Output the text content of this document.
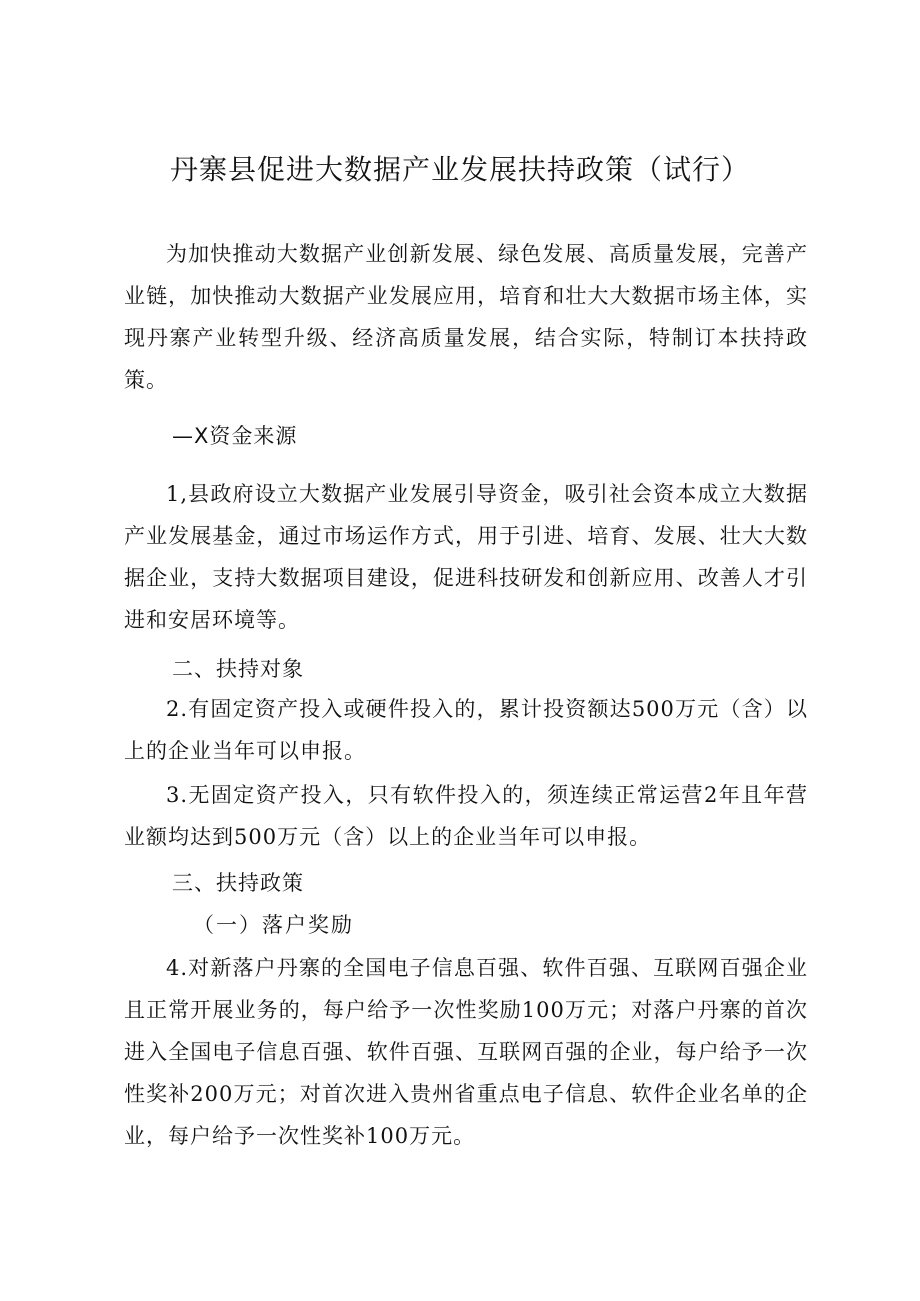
丹寨县促进大数据产业发展扶持政策（试行）

为加快推动大数据产业创新发展、绿色发展、高质量发展，完善产业链，加快推动大数据产业发展应用，培育和壮大大数据市场主体，实现丹寨产业转型升级、经济高质量发展，结合实际，特制订本扶持政策。

—X资金来源

1,县政府设立大数据产业发展引导资金，吸引社会资本成立大数据产业发展基金，通过市场运作方式，用于引进、培育、发展、壮大大数据企业，支持大数据项目建设，促进科技研发和创新应用、改善人才引进和安居环境等。

二、扶持对象

2.有固定资产投入或硬件投入的，累计投资额达500万元（含）以上的企业当年可以申报。

3.无固定资产投入，只有软件投入的，须连续正常运营2年且年营业额均达到500万元（含）以上的企业当年可以申报。

三、扶持政策

（一）落户奖励

4.对新落户丹寨的全国电子信息百强、软件百强、互联网百强企业且正常开展业务的，每户给予一次性奖励100万元；对落户丹寨的首次进入全国电子信息百强、软件百强、互联网百强的企业，每户给予一次性奖补200万元；对首次进入贵州省重点电子信息、软件企业名单的企业，每户给予一次性奖补100万元。
